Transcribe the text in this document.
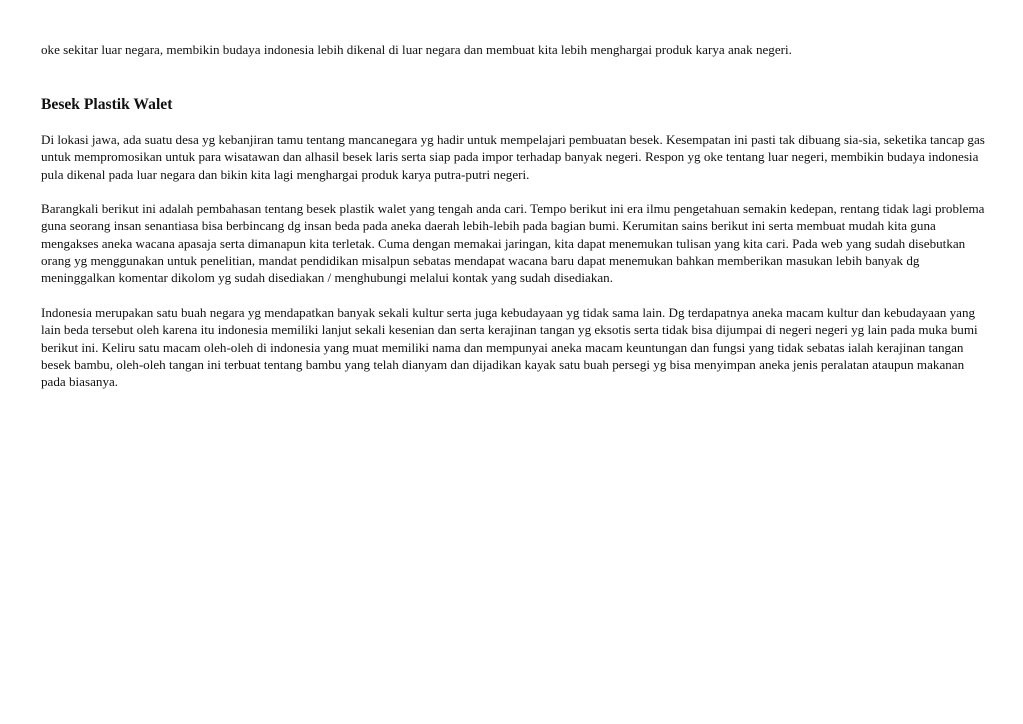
oke sekitar luar negara, membikin budaya indonesia lebih dikenal di luar negara dan membuat kita lebih menghargai produk karya anak negeri.

Besek Plastik Walet

Di lokasi jawa, ada suatu desa yg kebanjiran tamu tentang mancanegara yg hadir untuk mempelajari pembuatan besek. Kesempatan ini pasti tak dibuang sia-sia, seketika tancap gas untuk mempromosikan untuk para wisatawan dan alhasil besek laris serta siap pada impor terhadap banyak negeri. Respon yg oke tentang luar negeri, membikin budaya indonesia pula dikenal pada luar negara dan bikin kita lagi menghargai produk karya putra-putri negeri.

Barangkali berikut ini adalah pembahasan tentang besek plastik walet yang tengah anda cari. Tempo berikut ini era ilmu pengetahuan semakin kedepan, rentang tidak lagi problema guna seorang insan senantiasa bisa berbincang dg insan beda pada aneka daerah lebih-lebih pada bagian bumi. Kerumitan sains berikut ini serta membuat mudah kita guna mengakses aneka wacana apasaja serta dimanapun kita terletak. Cuma dengan memakai jaringan, kita dapat menemukan tulisan yang kita cari. Pada web yang sudah disebutkan orang yg menggunakan untuk penelitian, mandat pendidikan misalpun sebatas mendapat wacana baru dapat menemukan bahkan memberikan masukan lebih banyak dg meninggalkan komentar dikolom yg sudah disediakan / menghubungi melalui kontak yang sudah disediakan.

Indonesia merupakan satu buah negara yg mendapatkan banyak sekali kultur serta juga kebudayaan yg tidak sama lain. Dg terdapatnya aneka macam kultur dan kebudayaan yang lain beda tersebut oleh karena itu indonesia memiliki lanjut sekali kesenian dan serta kerajinan tangan yg eksotis serta tidak bisa dijumpai di negeri negeri yg lain pada muka bumi berikut ini. Keliru satu macam oleh-oleh di indonesia yang muat memiliki nama dan mempunyai aneka macam keuntungan dan fungsi yang tidak sebatas ialah kerajinan tangan besek bambu, oleh-oleh tangan ini terbuat tentang bambu yang telah dianyam dan dijadikan kayak satu buah persegi yg bisa menyimpan aneka jenis peralatan ataupun makanan pada biasanya.
